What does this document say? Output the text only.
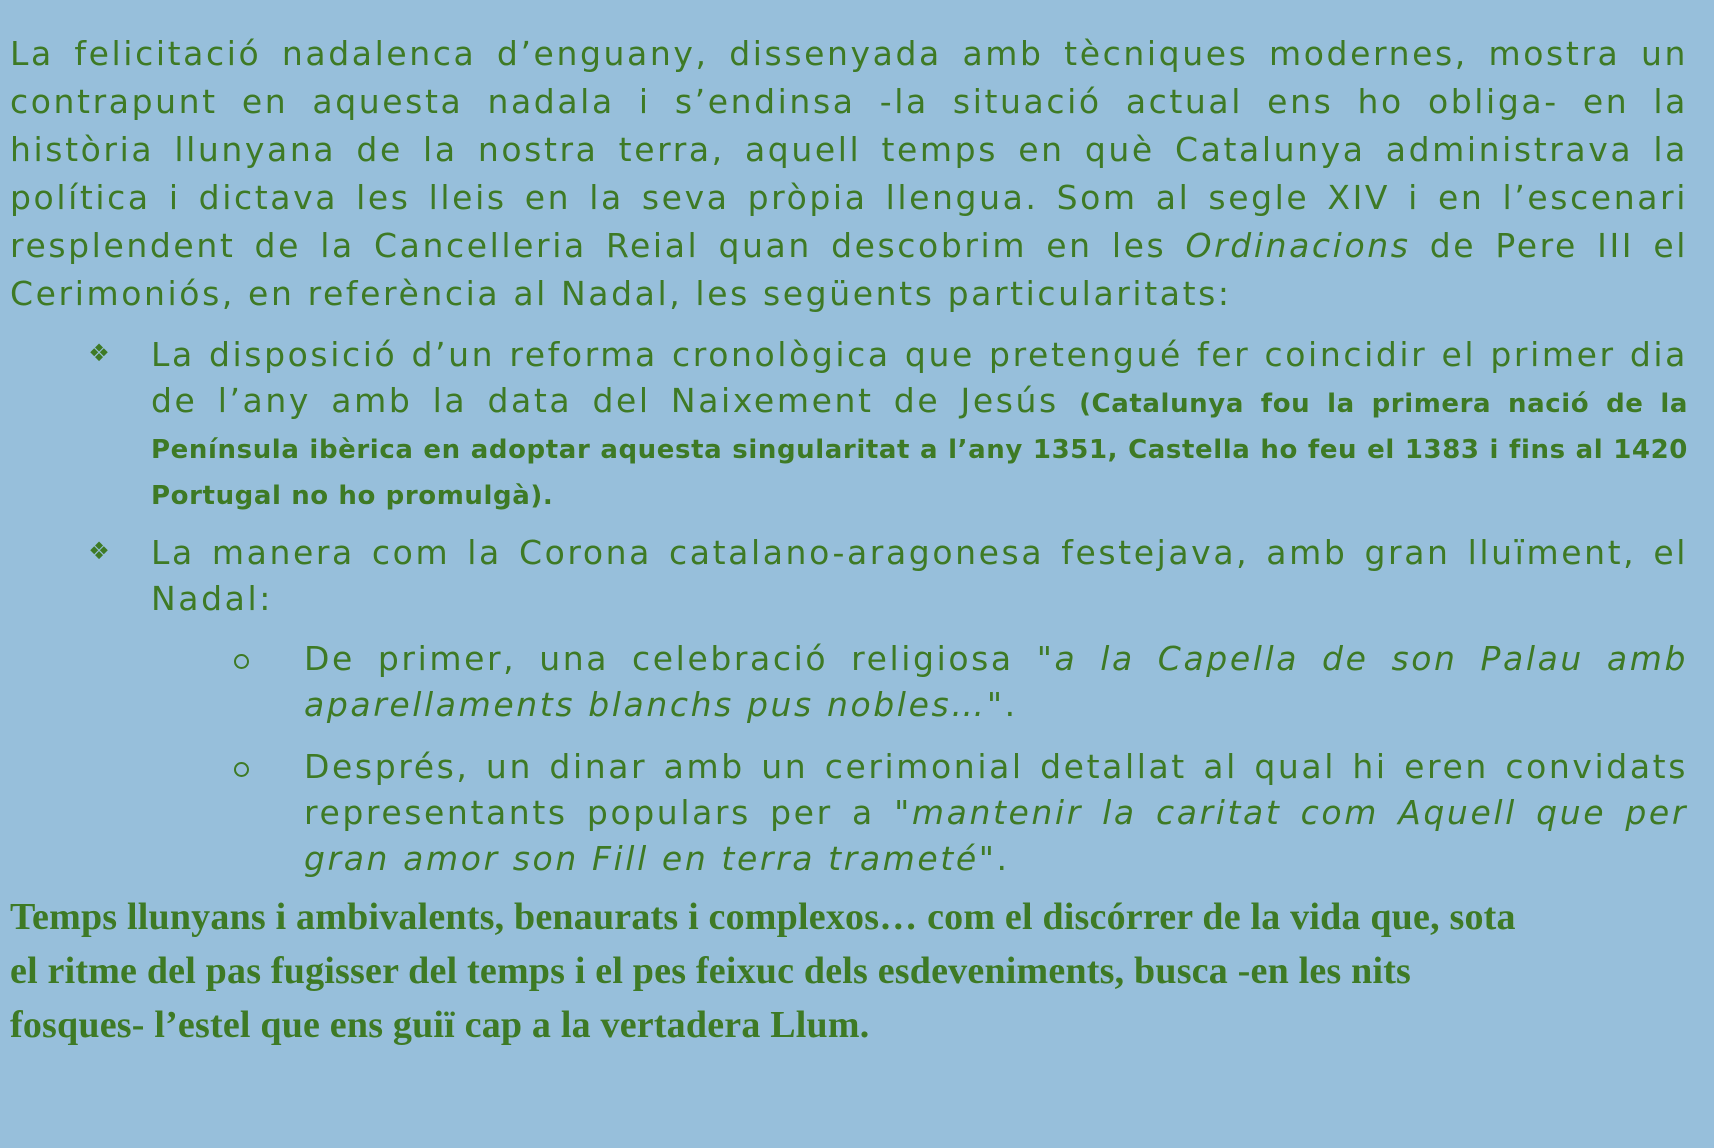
La felicitació nadalenca d’enguany, dissenyada amb tècniques modernes, mostra un contrapunt en aquesta nadala i s’endinsa -la situació actual ens ho obliga- en la història llunyana de la nostra terra, aquell temps en què Catalunya administrava la política i dictava les lleis en la seva pròpia llengua. Som al segle XIV i en l’escenari resplendent de la Cancelleria Reial quan descobrim en les Ordinacions de Pere III el Cerimoniós, en referència al Nadal, les següents particularitats:

❖ La disposició d’un reforma cronològica que pretengué fer coincidir el primer dia de l’any amb la data del Naixement de Jesús (Catalunya fou la primera nació de la Península ibèrica en adoptar aquesta singularitat a l’any 1351, Castella ho feu el 1383 i fins al 1420 Portugal no ho promulgà).
❖ La manera com la Corona catalano-aragonesa festejava, amb gran lluïment, el Nadal:
De primer, una celebració religiosa "a la Capella de son Palau amb aparellaments blanchs pus nobles…".
Després, un dinar amb un cerimonial detallat al qual hi eren convidats representants populars per a "mantenir la caritat com Aquell que per gran amor son Fill en terra trameté".

Temps llunyans i ambivalents, benaurats i complexos… com el discórrer de la vida que, sota el ritme del pas fugisser del temps i el pes feixuc dels esdeveniments, busca -en les nits fosques- l’estel que ens guiï cap a la vertadera Llum.
